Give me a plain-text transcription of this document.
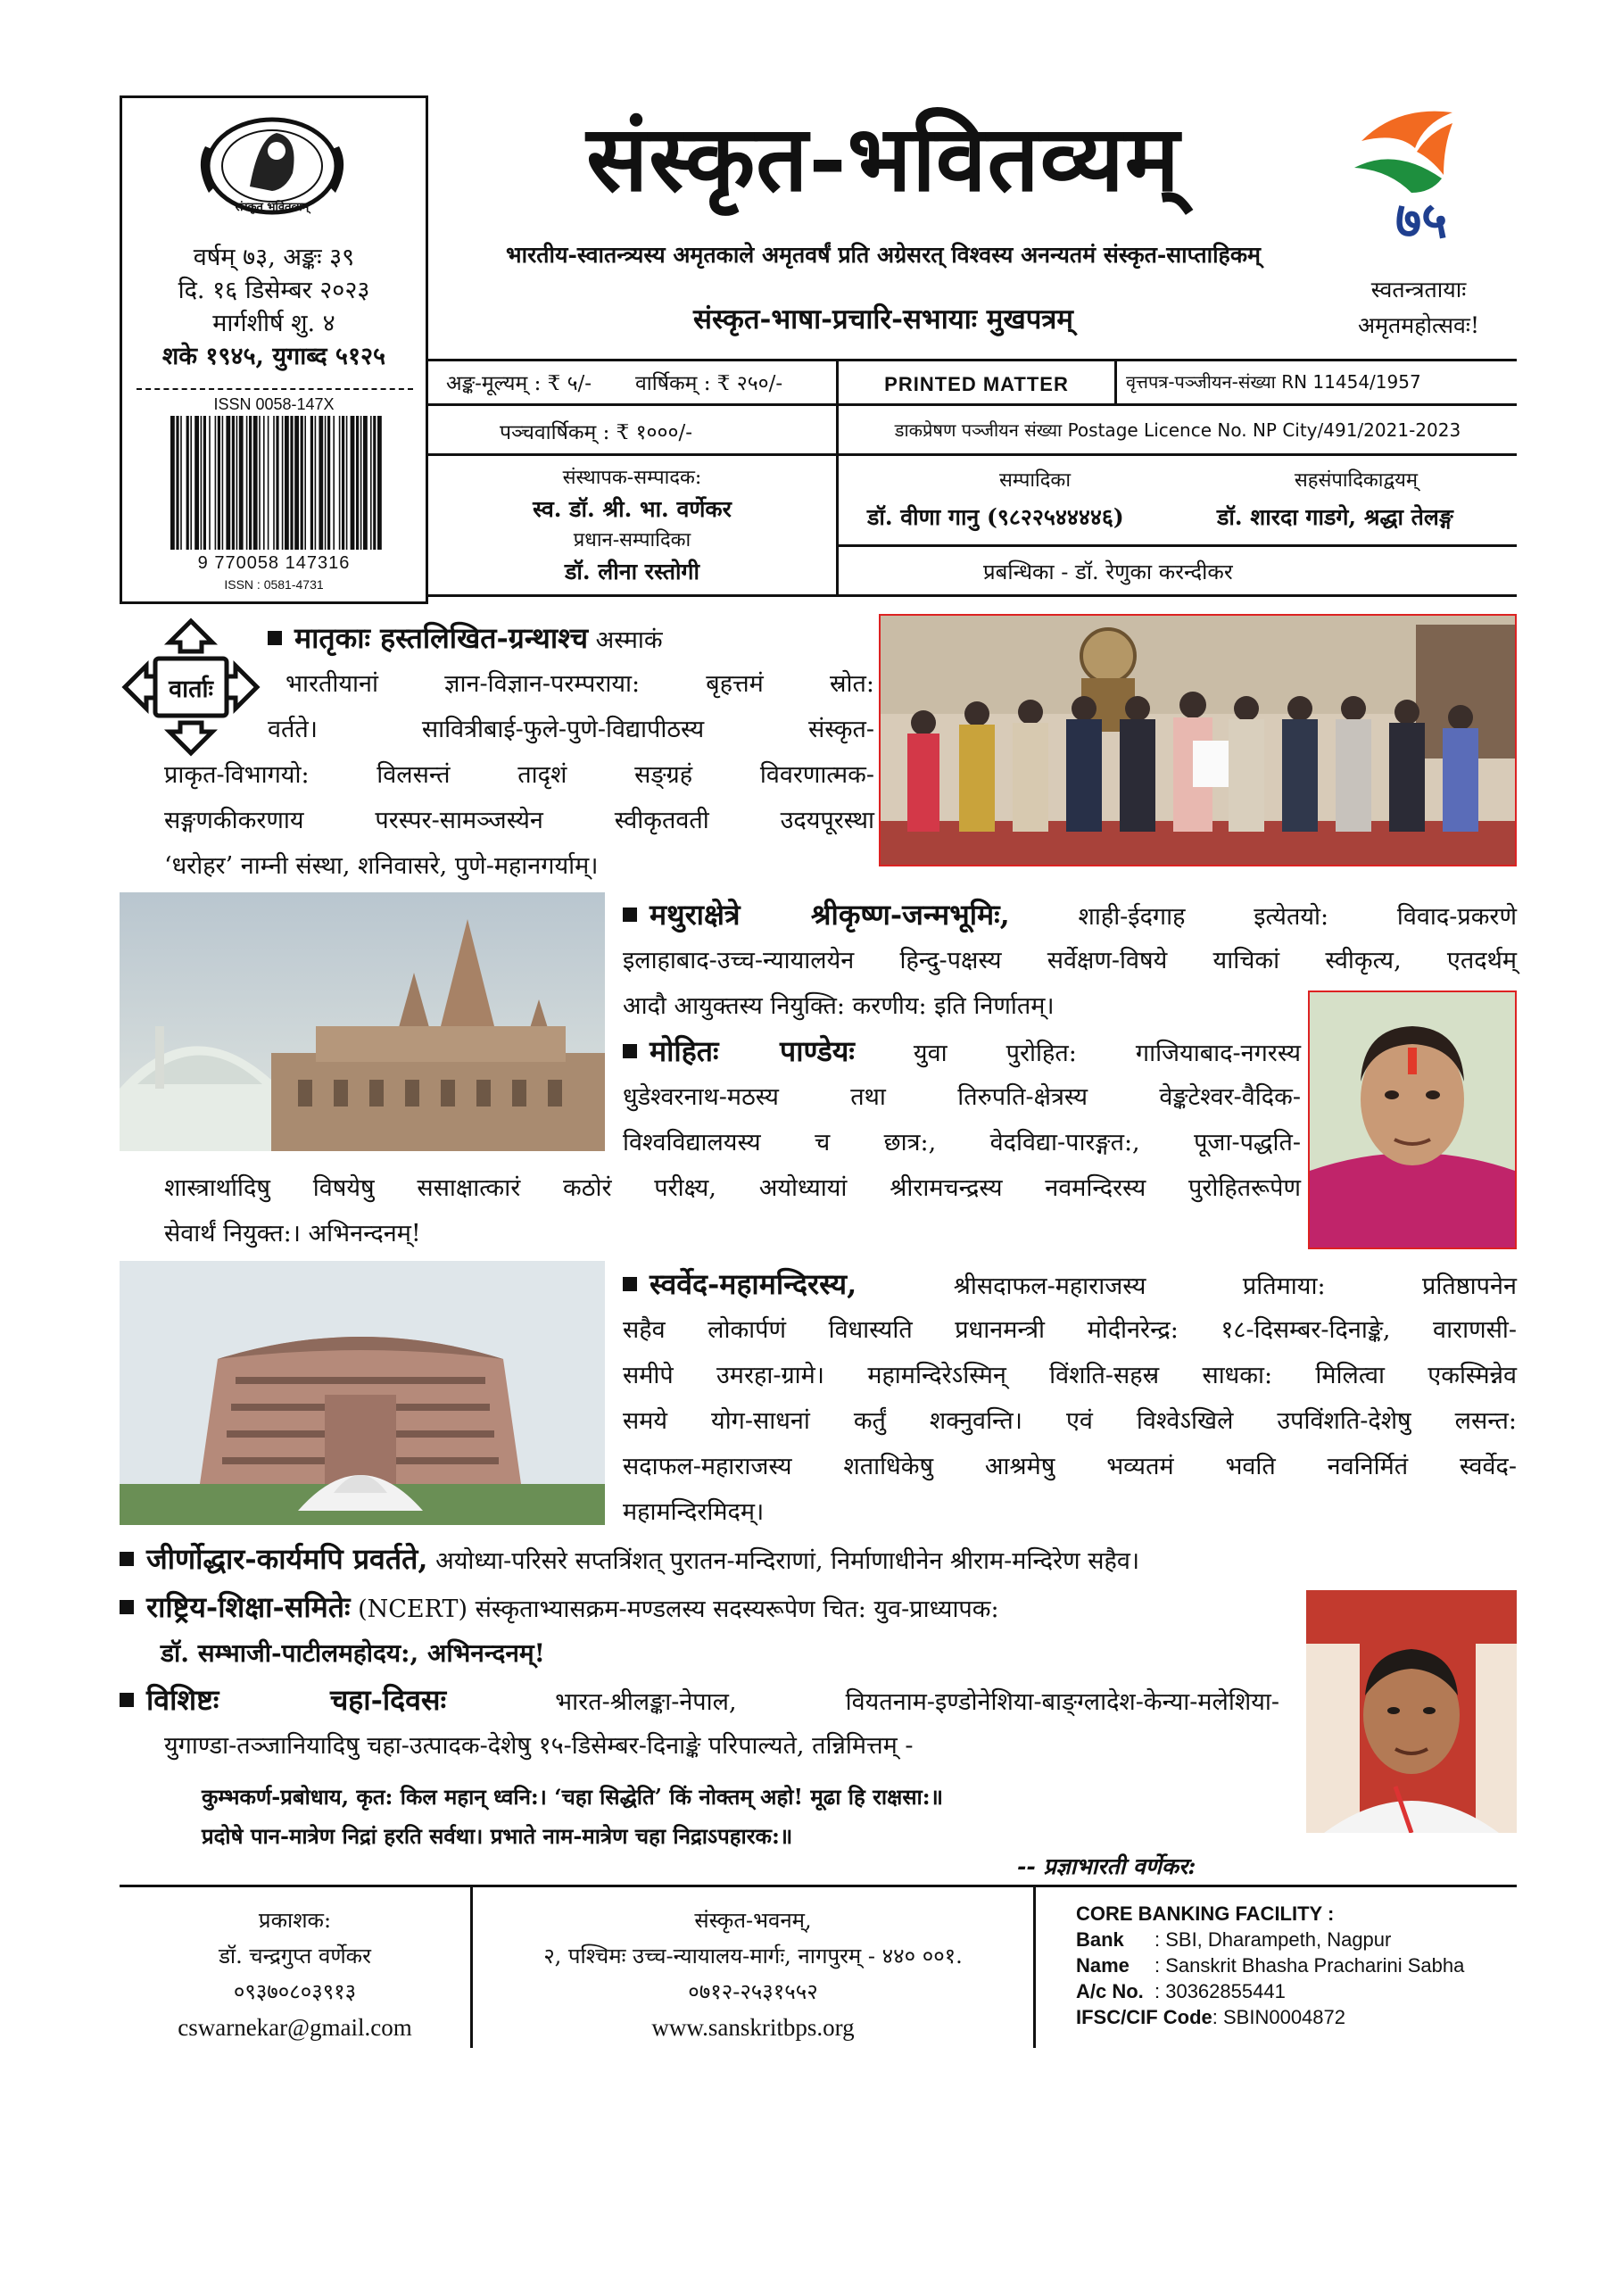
संस्कृत भवितव्यम्
वर्षम् ७३, अङ्कः ३९
दि. १६ डिसेम्बर २०२३
मार्गशीर्ष शु. ४
शके १९४५, युगाब्द ५१२५
ISSN 0058-147X
9 770058 147316
ISSN : 0581-4731
संस्कृत-भवितव्यम्
भारतीय-स्वातन्त्र्यस्य अमृतकाले अमृतवर्षं प्रति अग्रेसरत् विश्वस्य अनन्यतमं संस्कृत-साप्ताहिकम्
संस्कृत-भाषा-प्रचारि-सभायाः मुखपत्रम्
७५
स्वतन्त्रतायाः
अमृतमहोत्सवः!
अङ्क-मूल्यम् : ₹ ५/- वार्षिकम् : ₹ २५०/-
पञ्चवार्षिकम् : ₹ १०००/-
PRINTED MATTER	वृत्तपत्र-पञ्जीयन-संख्या RN 11454/1957
डाकप्रेषण पञ्जीयन संख्या Postage Licence No. NP City/491/2021-2023
संस्थापक-सम्पादक:
स्व. डॉ. श्री. भा. वर्णेकर
प्रधान-सम्पादिका
डॉ. लीना रस्तोगी
सम्पादिका
डॉ. वीणा गानु (९८२२५४४४४६)
सहसंपादिकाद्वयम्
डॉ. शारदा गाडगे, श्रद्धा तेलङ्ग
प्रबन्धिका - डॉ. रेणुका करन्दीकर
वार्ताः
मातृकाः हस्तलिखित-ग्रन्थाश्च अस्माकं
भारतीयानां ज्ञान-विज्ञान-परम्पराया: बृहत्तमं स्रोत:
वर्तते। सावित्रीबाई-फुले-पुणे-विद्यापीठस्य संस्कृत-
प्राकृत-विभागयो: विलसन्तं तादृशं सङ्ग्रहं विवरणात्मक-
सङ्गणकीकरणाय परस्पर-सामञ्जस्येन स्वीकृतवती उदयपूरस्था
‘धरोहर’ नाम्नी संस्था, शनिवासरे, पुणे-महानगर्याम्।
मथुराक्षेत्रे श्रीकृष्ण-जन्मभूमिः,	शाही-ईदगाह इत्येतयो: विवाद-प्रकरणे
इलाहाबाद-उच्च-न्यायालयेन हिन्दु-पक्षस्य सर्वेक्षण-विषये याचिकां स्वीकृत्य, एतदर्थम्
आदौ आयुक्तस्य नियुक्ति: करणीय: इति निर्णातम्।
मोहितः पाण्डेयः युवा पुरोहित: गाजियाबाद-नगरस्य
धुडेश्वरनाथ-मठस्य तथा तिरुपति-क्षेत्रस्य वेङ्कटेश्वर-वैदिक-
विश्वविद्यालयस्य च छात्र:, वेदविद्या-पारङ्गत:, पूजा-पद्धति-
शास्त्रार्थादिषु विषयेषु ससाक्षात्कारं कठोरं परीक्ष्य, अयोध्यायां श्रीरामचन्द्रस्य नवमन्दिरस्य पुरोहितरूपेण
सेवार्थं नियुक्त:। अभिनन्दनम्!
स्वर्वेद-महामन्दिरस्य,	श्रीसदाफल-महाराजस्य प्रतिमाया: प्रतिष्ठापनेन
सहैव लोकार्पणं विधास्यति प्रधानमन्त्री मोदीनरेन्द्र: १८-दिसम्बर-दिनाङ्के, वाराणसी-
समीपे उमरहा-ग्रामे। महामन्दिरेऽस्मिन् विंशति-सहस्र साधका: मिलित्वा एकस्मिन्नेव
समये योग-साधनां कर्तुं शक्नुवन्ति। एवं विश्वेऽखिले उपविंशति-देशेषु लसन्त:
सदाफल-महाराजस्य शताधिकेषु आश्रमेषु भव्यतमं भवति नवनिर्मितं स्वर्वेद-
महामन्दिरमिदम्।
जीर्णोद्धार-कार्यमपि प्रवर्तते, अयोध्या-परिसरे सप्तत्रिंशत् पुरातन-मन्दिराणां, निर्माणाधीनेन श्रीराम-मन्दिरेण सहैव।
राष्ट्रिय-शिक्षा-समितेः (NCERT) संस्कृताभ्यासक्रम-मण्डलस्य सदस्यरूपेण चित: युव-प्राध्यापक:
डॉ. सम्भाजी-पाटीलमहोदय:, अभिनन्दनम्!
विशिष्टः चहा-दिवसः	भारत-श्रीलङ्का-नेपाल, वियतनाम-इण्डोनेशिया-बाङ्ग्लादेश-केन्या-मलेशिया-
युगाण्डा-तञ्जानियादिषु चहा-उत्पादक-देशेषु १५-डिसेम्बर-दिनाङ्के परिपाल्यते, तन्निमित्तम् -
कुम्भकर्ण-प्रबोधाय, कृत: किल महान् ध्वनि:। ‘चहा सिद्धेति’ किं नोक्तम् अहो! मूढा हि राक्षसा:॥
प्रदोषे पान-मात्रेण निद्रां हरति सर्वथा। प्रभाते नाम-मात्रेण चहा निद्राऽपहारक:॥
-- प्रज्ञाभारती वर्णेकर:
प्रकाशक:
डॉ. चन्द्रगुप्त वर्णेकर
०९३७०८०३९१३
cswarnekar@gmail.com
संस्कृत-भवनम्,
२, पश्चिमः उच्च-न्यायालय-मार्गः, नागपुरम् - ४४० ००१.
०७१२-२५३१५५२
www.sanskritbps.org
CORE BANKING FACILITY :
Bank : SBI, Dharampeth, Nagpur
Name : Sanskrit Bhasha Pracharini Sabha
A/c No. : 30362855441
IFSC/CIF Code: SBIN0004872
